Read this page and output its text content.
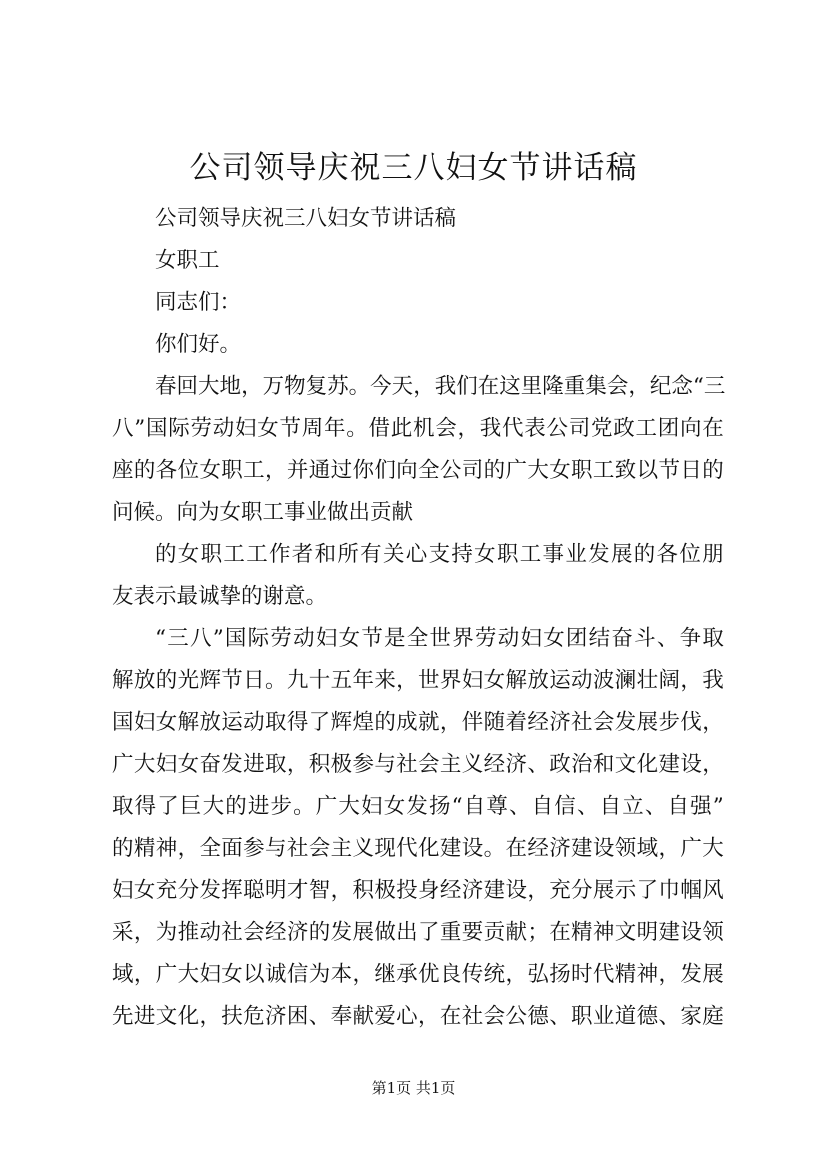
公司领导庆祝三八妇女节讲话稿
公司领导庆祝三八妇女节讲话稿
女职工
同志们：
你们好。
春 回 大 地 ， 万 物 复 苏 。 今 天 ， 我 们 在 这 里 隆 重 集 会 ， 纪 念 “ 三
八 ” 国 际 劳 动 妇 女 节 周 年 。 借 此 机 会 ， 我 代 表 公 司 党 政 工 团 向 在
座 的 各 位 女 职 工 ， 并 通 过 你 们 向 全 公 司 的 广 大 女 职 工 致 以 节 日 的
问候。向为女职工事业做出贡献
的 女 职 工 工 作 者 和 所 有 关 心 支 持 女 职 工 事 业 发 展 的 各 位 朋
友表示最诚挚的谢意。
“ 三 八 ” 国 际 劳 动 妇 女 节 是 全 世 界 劳 动 妇 女 团 结 奋 斗 、 争 取
解 放 的 光 辉 节 日 。 九 十 五 年 来 ， 世 界 妇 女 解 放 运 动 波 澜 壮 阔 ， 我
国 妇 女 解 放 运 动 取 得 了 辉 煌 的 成 就 ， 伴 随 着 经 济 社 会 发 展 步 伐 ，
广 大 妇 女 奋 发 进 取 ， 积 极 参 与 社 会 主 义 经 济 、 政 治 和 文 化 建 设 ，
取 得 了 巨 大 的 进 步 。 广 大 妇 女 发 扬 “ 自 尊 、 自 信 、 自 立 、 自 强 ”
的 精 神 ， 全 面 参 与 社 会 主 义 现 代 化 建 设 。 在 经 济 建 设 领 域 ， 广 大
妇 女 充 分 发 挥 聪 明 才 智 ， 积 极 投 身 经 济 建 设 ， 充 分 展 示 了 巾 帼 风
采 ， 为 推 动 社 会 经 济 的 发 展 做 出 了 重 要 贡 献 ； 在 精 神 文 明 建 设 领
域 ， 广 大 妇 女 以 诚 信 为 本 ， 继 承 优 良 传 统 ， 弘 扬 时 代 精 神 ， 发 展
先 进 文 化 ， 扶 危 济 困 、 奉 献 爱 心 ， 在 社 会 公 德 、 职 业 道 德 、 家 庭
第1页 共1页
